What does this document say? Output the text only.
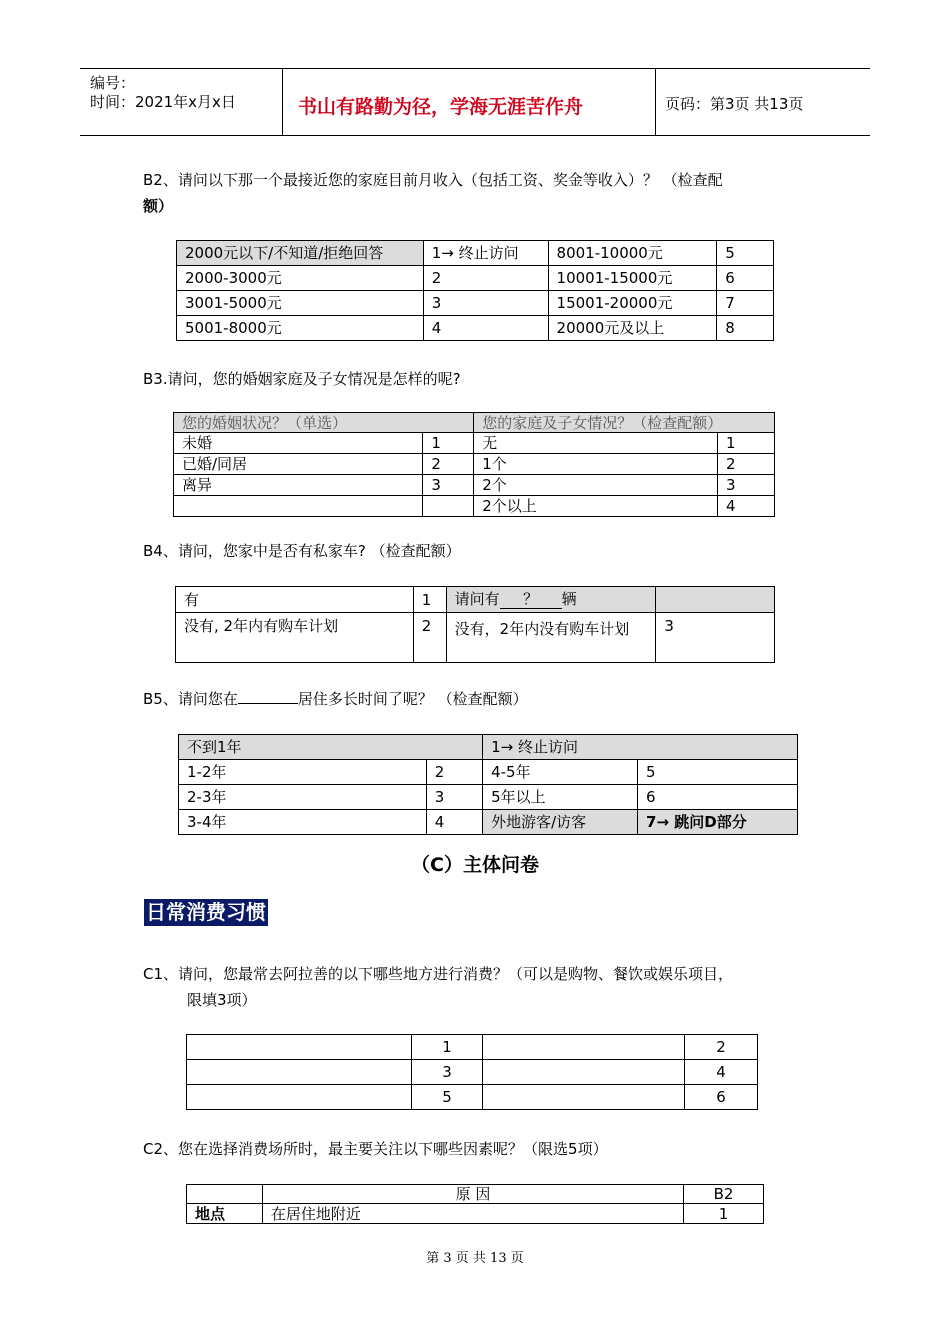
编号：
时间：2021年x月x日	书山有路勤为径，学海无涯苦作舟	页码：第3页 共13页
B2、请问以下那一个最接近您的家庭目前月收入（包括工资、奖金等收入）？ （检查配
额）
2000元以下/不知道/拒绝回答	1→ 终止访问	8001-10000元	5
2000-3000元	2	10001-15000元	6
3001-5000元	3	15001-20000元	7
5001-8000元	4	20000元及以上	8
B3.请问，您的婚姻家庭及子女情况是怎样的呢?
您的婚姻状况？（单选）		您的家庭及子女情况？（检查配额）	
未婚	1	无	1
已婚/同居	2	1个	2
离异	3	2个	3
		2个以上	4
B4、请问，您家中是否有私家车? （检查配额）
有	1	请问有 ？ 辆	
没有, 2年内有购车计划	2	没有，2年内没有购车计划	3
B5、请问您在	居住多长时间了呢？ （检查配额）
不到1年		1→ 终止访问	
1-2年	2	4-5年	5
2-3年	3	5年以上	6
3-4年	4	外地游客/访客	7→ 跳问D部分
（C）主体问卷
日常消费习惯
C1、请问，您最常去阿拉善的以下哪些地方进行消费？（可以是购物、餐饮或娱乐项目，
限填3项）
	1		2
	3		4
	5		6
C2、您在选择消费场所时，最主要关注以下哪些因素呢？（限选5项）
	原 因	B2
地点	在居住地附近	1
第 3 页 共 13 页
